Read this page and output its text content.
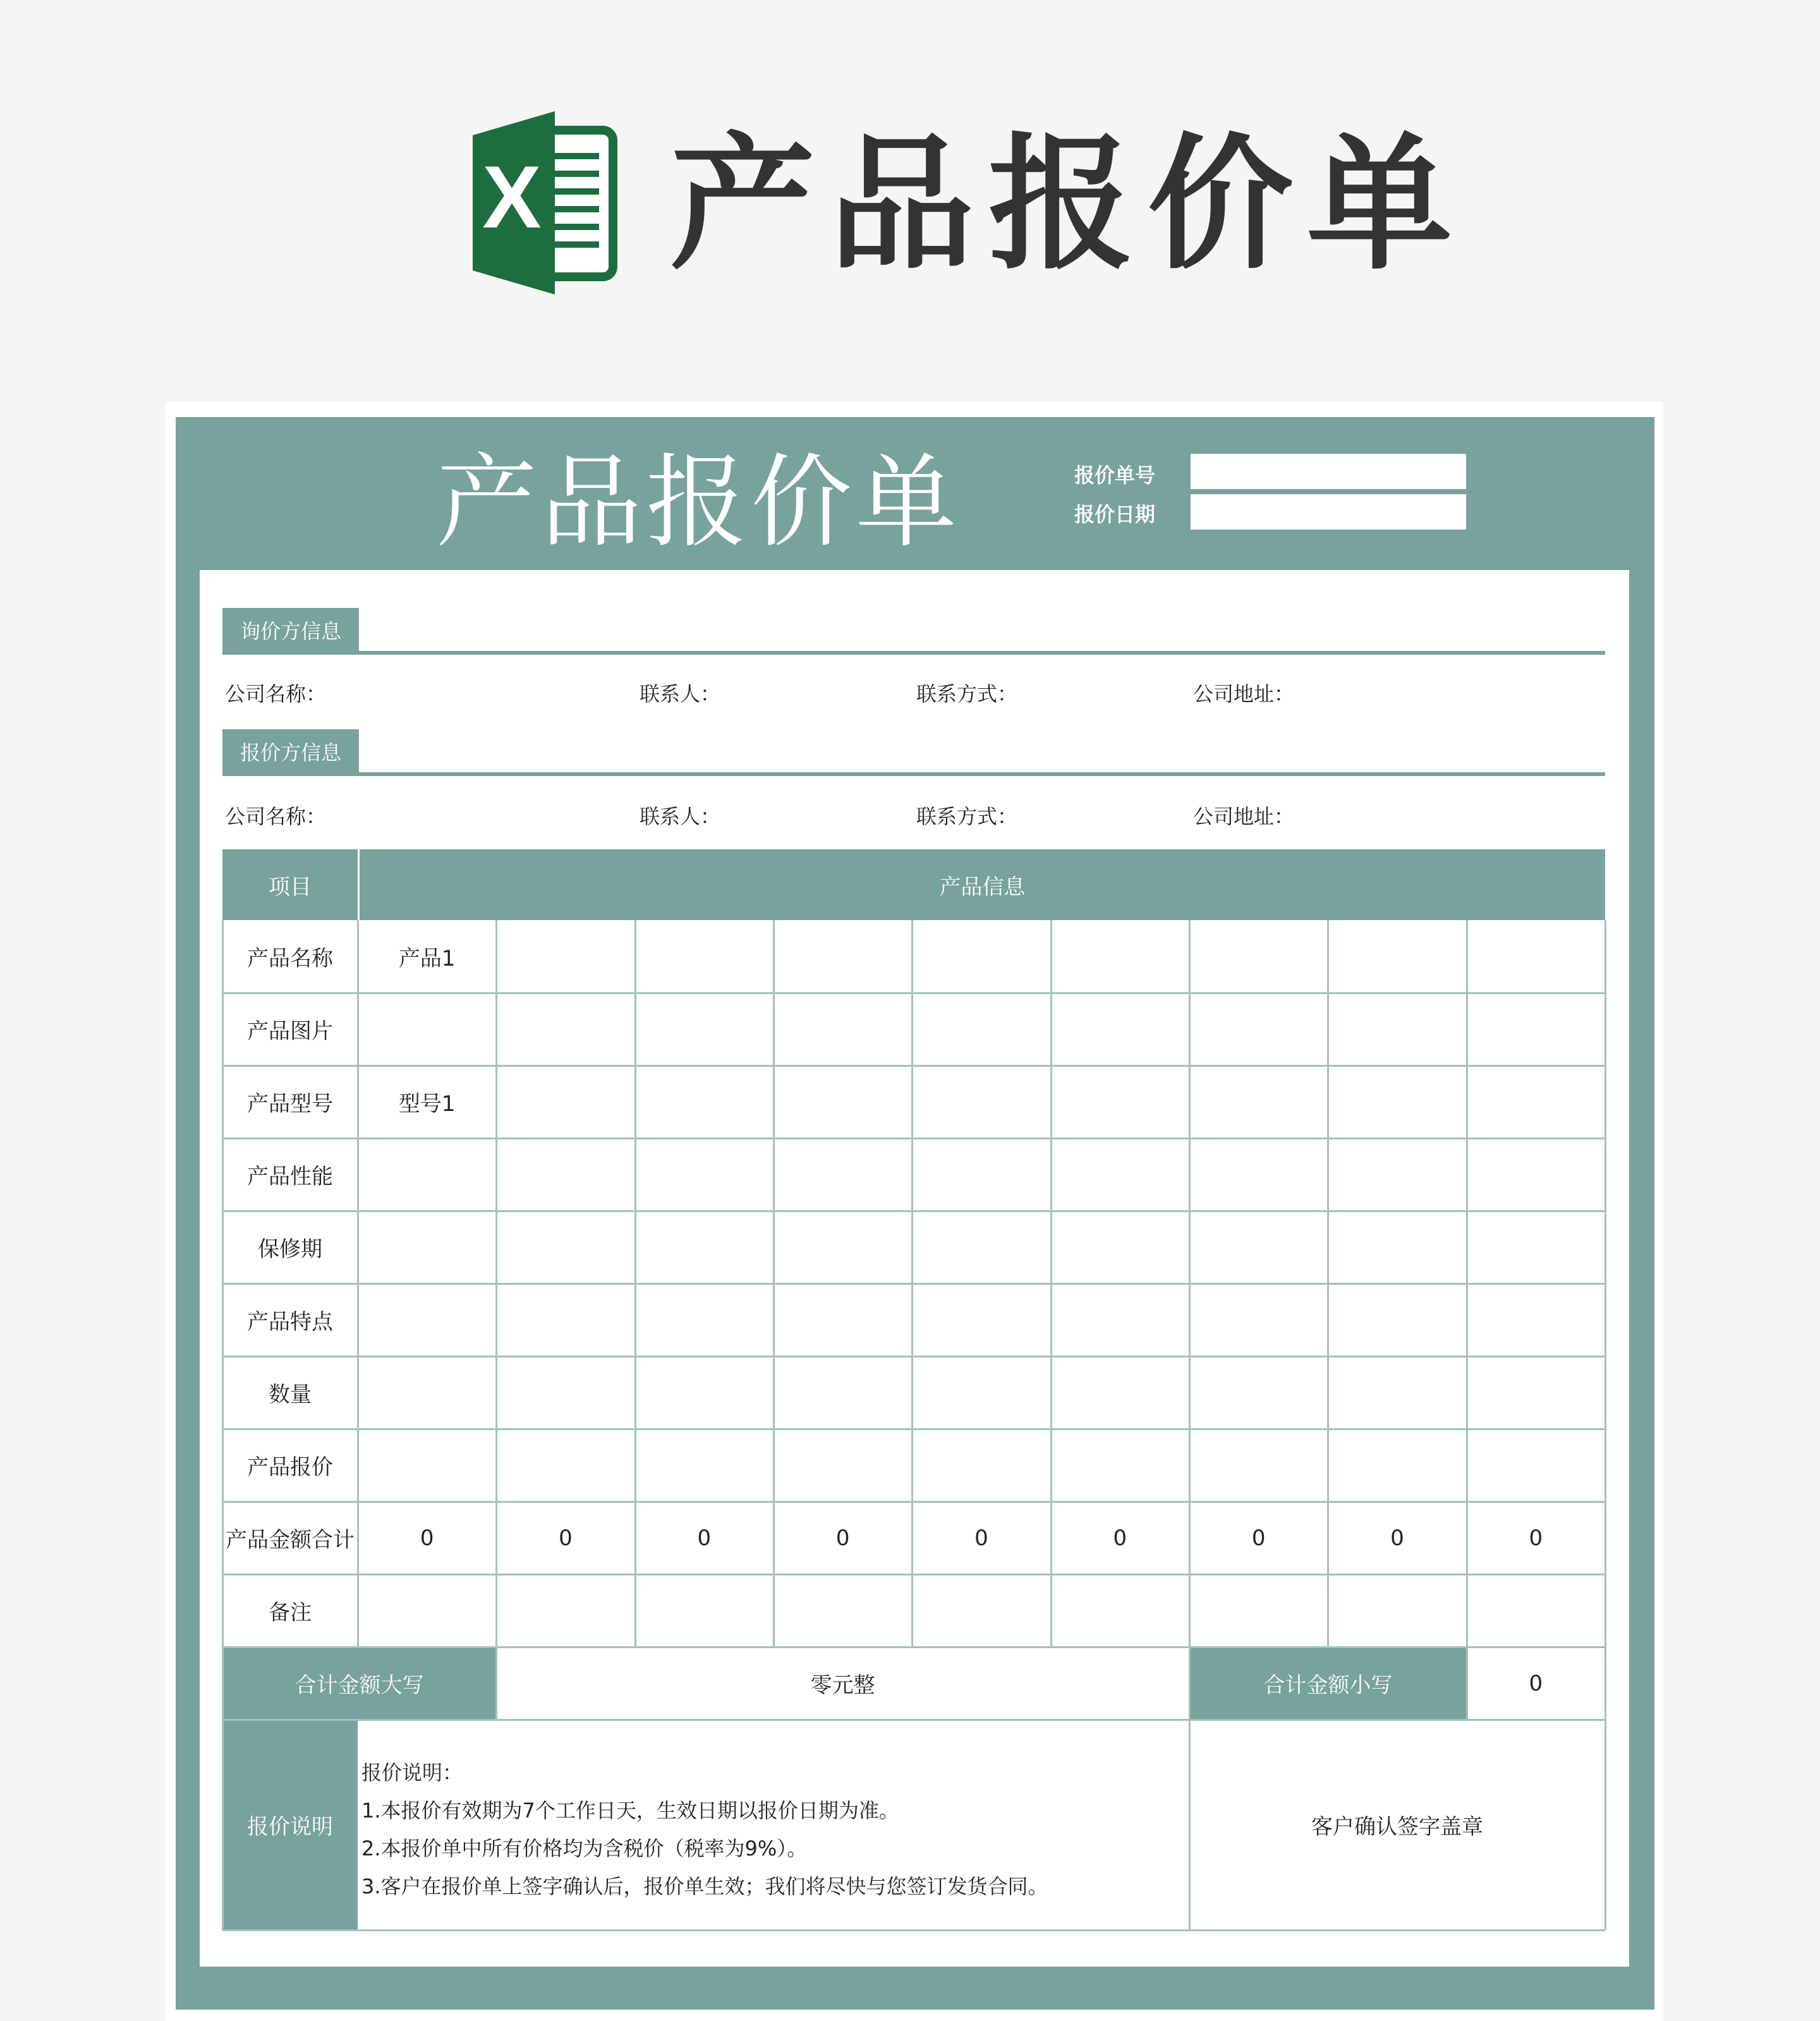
X 产品报价单
产品报价单	报价单号
报价日期
询价方信息
公司名称：	联系人：	联系方式：	公司地址：
报价方信息
公司名称：	联系人：	联系方式：	公司地址：
项目	产品信息
产品名称	产品1
产品图片
产品型号	型号1
产品性能
保修期
产品特点
数量
产品报价
产品金额合计	0	0	0	0	0	0	0	0	0
备注
合计金额大写	零元整	合计金额小写	0
报价说明
报价说明：
1.本报价有效期为7个工作日天，生效日期以报价日期为准。
2.本报价单中所有价格均为含税价（税率为9%）。
3.客户在报价单上签字确认后，报价单生效；我们将尽快与您签订发货合同。
客户确认签字盖章
